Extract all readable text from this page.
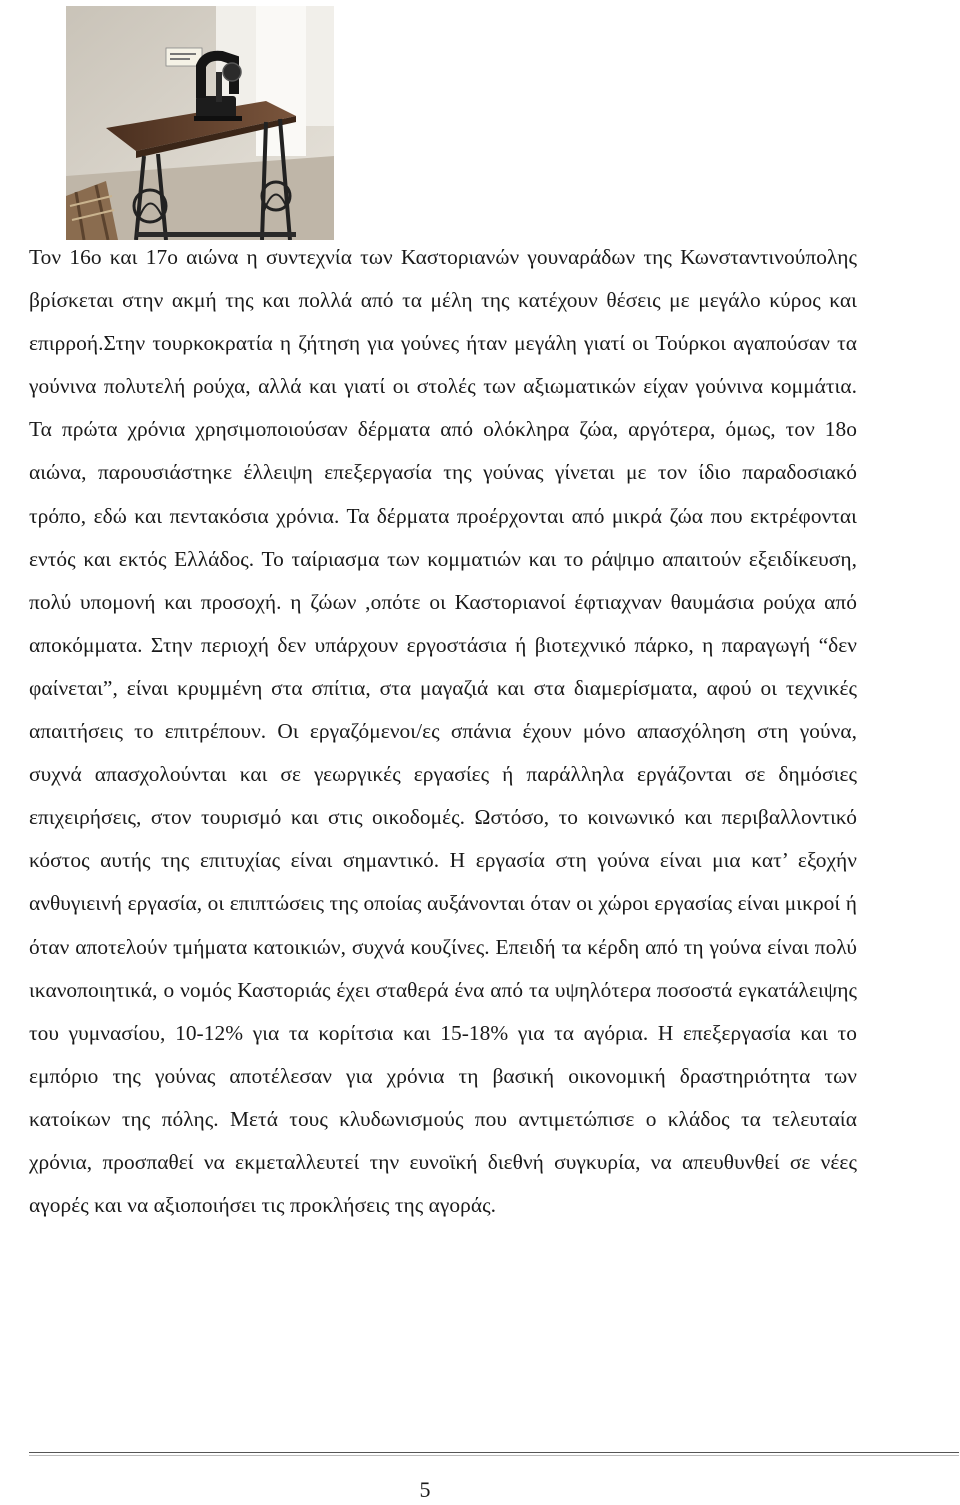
Τον 16ο και 17ο αιώνα η συντεχνία των Καστοριανών γουναράδων της Κωνσταντινούπολης βρίσκεται στην ακμή της και πολλά από τα μέλη της κατέχουν θέσεις με μεγάλο κύρος και επιρροή.Στην τουρκοκρατία η ζήτηση για γούνες ήταν μεγάλη γιατί οι Τούρκοι αγαπούσαν τα γούνινα πολυτελή ρούχα, αλλά και γιατί οι στολές των αξιωματικών είχαν γούνινα κομμάτια. Τα πρώτα χρόνια χρησιμοποιούσαν δέρματα από ολόκληρα ζώα, αργότερα, όμως, τον 18ο αιώνα, παρουσιάστηκε έλλειψη επεξεργασία της γούνας γίνεται με τον ίδιο παραδοσιακό τρόπο, εδώ και πεντακόσια χρόνια. Τα δέρματα προέρχονται από μικρά ζώα που εκτρέφονται εντός και εκτός Ελλάδος. Το ταίριασμα των κομματιών και το ράψιμο απαιτούν εξειδίκευση, πολύ υπομονή και προσοχή. η ζώων ,οπότε οι Καστοριανοί έφτιαχναν θαυμάσια ρούχα από αποκόμματα. Στην περιοχή δεν υπάρχουν εργοστάσια ή βιοτεχνικό πάρκο, η παραγωγή “δεν φαίνεται”, είναι κρυμμένη στα σπίτια, στα μαγαζιά και στα διαμερίσματα, αφού οι τεχνικές απαιτήσεις το επιτρέπουν. Οι εργαζόμενοι/ες σπάνια έχουν μόνο απασχόληση στη γούνα, συχνά απασχολούνται και σε γεωργικές εργασίες ή παράλληλα εργάζονται σε δημόσιες επιχειρήσεις, στον τουρισμό και στις οικοδομές. Ωστόσο, το κοινωνικό και περιβαλλοντικό κόστος αυτής της επιτυχίας είναι σημαντικό. Η εργασία στη γούνα είναι μια κατ’ εξοχήν ανθυγιεινή εργασία, οι επιπτώσεις της οποίας αυξάνονται όταν οι χώροι εργασίας είναι μικροί ή όταν αποτελούν τμήματα κατοικιών, συχνά κουζίνες. Επειδή τα κέρδη από τη γούνα είναι πολύ ικανοποιητικά, ο νομός Καστοριάς έχει σταθερά ένα από τα υψηλότερα ποσοστά εγκατάλειψης του γυμνασίου, 10-12% για τα κορίτσια και 15-18% για τα αγόρια. Η επεξεργασία και το εμπόριο της γούνας αποτέλεσαν για χρόνια τη βασική οικονομική δραστηριότητα των κατοίκων της πόλης. Μετά τους κλυδωνισμούς που αντιμετώπισε ο κλάδος τα τελευταία χρόνια, προσπαθεί να εκμεταλλευτεί την ευνοϊκή διεθνή συγκυρία, να απευθυνθεί σε νέες αγορές και να αξιοποιήσει τις προκλήσεις της αγοράς.

5
